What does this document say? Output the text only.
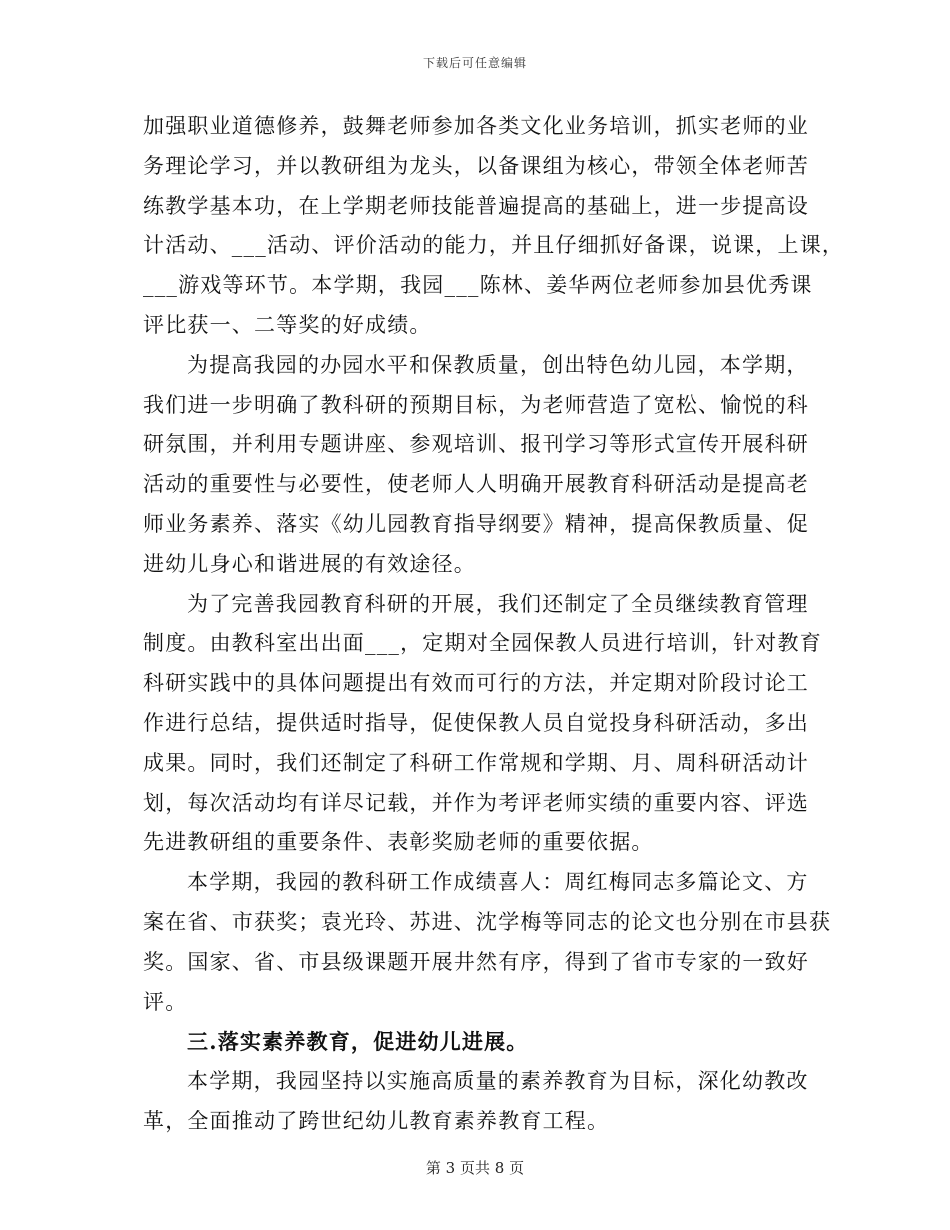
下载后可任意编辑
加强职业道德修养，鼓舞老师参加各类文化业务培训，抓实老师的业
务理论学习，并以教研组为龙头，以备课组为核心，带领全体老师苦
练教学基本功，在上学期老师技能普遍提高的基础上，进一步提高设
计活动、___活动、评价活动的能力，并且仔细抓好备课，说课，上课，
___游戏等环节。本学期，我园___陈林、姜华两位老师参加县优秀课
评比获一、二等奖的好成绩。
为提高我园的办园水平和保教质量，创出特色幼儿园，本学期，
我们进一步明确了教科研的预期目标，为老师营造了宽松、愉悦的科
研氛围，并利用专题讲座、参观培训、报刊学习等形式宣传开展科研
活动的重要性与必要性，使老师人人明确开展教育科研活动是提高老
师业务素养、落实《幼儿园教育指导纲要》精神，提高保教质量、促
进幼儿身心和谐进展的有效途径。
为了完善我园教育科研的开展，我们还制定了全员继续教育管理
制度。由教科室出出面___，定期对全园保教人员进行培训，针对教育
科研实践中的具体问题提出有效而可行的方法，并定期对阶段讨论工
作进行总结，提供适时指导，促使保教人员自觉投身科研活动，多出
成果。同时，我们还制定了科研工作常规和学期、月、周科研活动计
划，每次活动均有详尽记载，并作为考评老师实绩的重要内容、评选
先进教研组的重要条件、表彰奖励老师的重要依据。
本学期，我园的教科研工作成绩喜人：周红梅同志多篇论文、方
案在省、市获奖；袁光玲、苏进、沈学梅等同志的论文也分别在市县获
奖。国家、省、市县级课题开展井然有序，得到了省市专家的一致好
评。
三.落实素养教育，促进幼儿进展。
本学期，我园坚持以实施高质量的素养教育为目标，深化幼教改
革，全面推动了跨世纪幼儿教育素养教育工程。
第 3 页共 8 页
